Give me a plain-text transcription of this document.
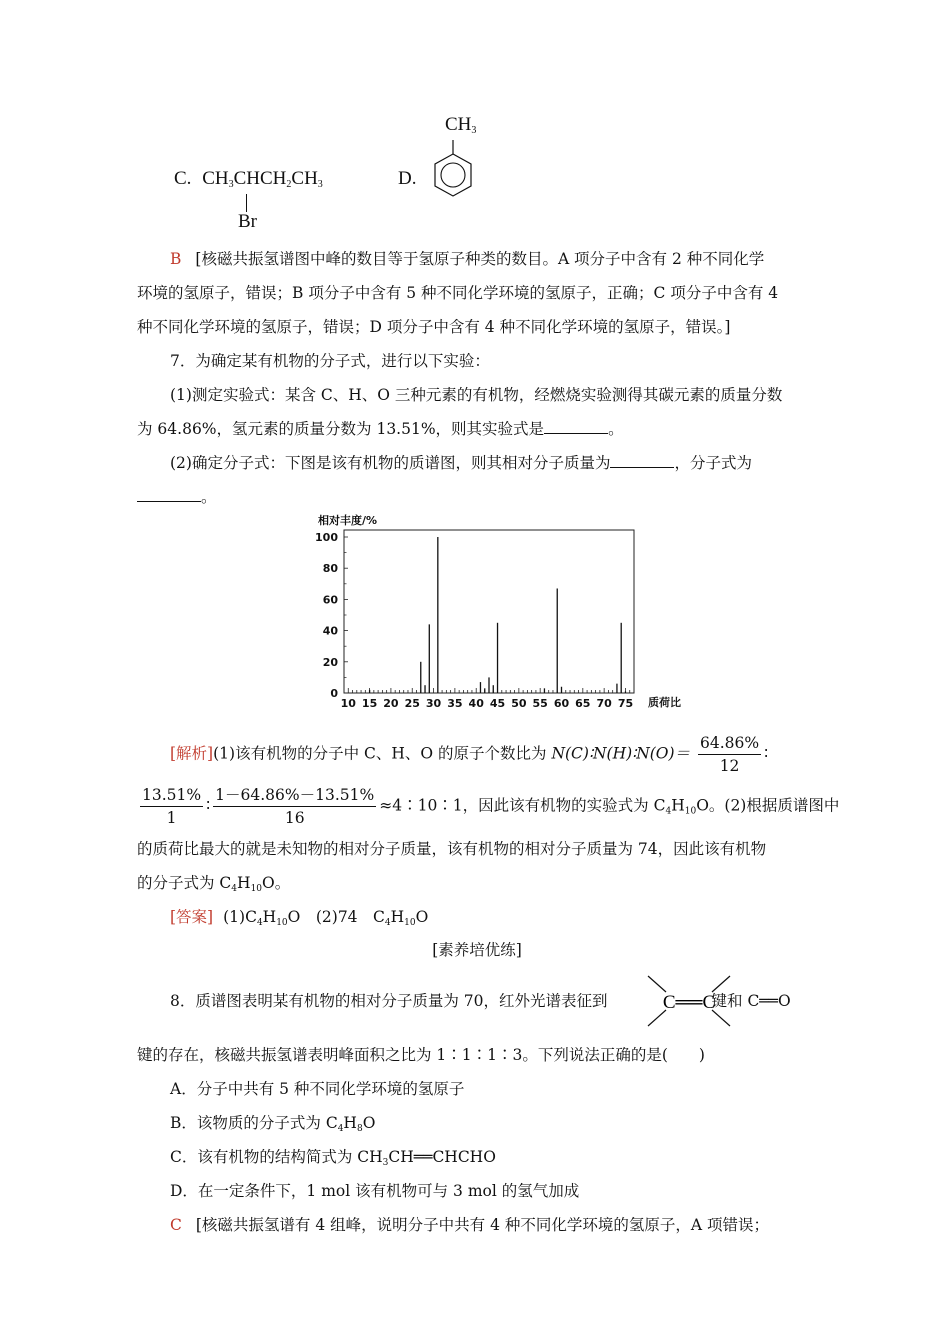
C. $CH_3CHCH_2CH_3$
Br
D.
$CH_3$
B [核磁共振氢谱图中峰的数目等于氢原子种类的数目。A 项分子中含有 2 种不同化学
环境的氢原子，错误；B 项分子中含有 5 种不同化学环境的氢原子，正确；C 项分子中含有 4
种不同化学环境的氢原子，错误；D 项分子中含有 4 种不同化学环境的氢原子，错误。]
7．为确定某有机物的分子式，进行以下实验：
(1)测定实验式：某含 C、H、O 三种元素的有机物，经燃烧实验测得其碳元素的质量分数
为 64.86%，氢元素的质量分数为 13.51%，则其实验式是	。
(2)确定分子式：下图是该有机物的质谱图，则其相对分子质量为	，分子式为
。
相对丰度/%
10 15 20 25 30 35 40 45 50 55 60 65 70 75
0
20
40
60
80
100
质荷比
[解析](1)该有机物的分子中 C、H、O 的原子个数比为 N(C)∶N(H)∶N(O)＝ $\frac{64.86\%}{12}$ ∶
$\frac{13.51\%}{1}$ ∶ $\frac{1-64.86\%-13.51\%}{16}$ ≈4∶10∶1，因此该有机物的实验式为 $C_4H_{10}O$。(2)根据质谱图中
的质荷比最大的就是未知物的相对分子质量，该有机物的相对分子质量为 74，因此该有机物
的分子式为 $C_4H_{10}O$。
[答案] $(1)C_4H_{10}O$　(2)74　$C_4H_{10}O$
[素养培优练]
8．质谱图表明某有机物的相对分子质量为 70，红外光谱表征到	键和 C══O
C══C
键的存在，核磁共振氢谱表明峰面积之比为 1∶1∶1∶3。下列说法正确的是(　　)
A．分子中共有 5 种不同化学环境的氢原子
B．该物质的分子式为 $C_4H_8O$
C．该有机物的结构简式为 $CH_3CH══CHCHO$
D．在一定条件下，1 mol 该有机物可与 3 mol 的氢气加成
C [核磁共振氢谱有 4 组峰，说明分子中共有 4 种不同化学环境的氢原子，A 项错误；
